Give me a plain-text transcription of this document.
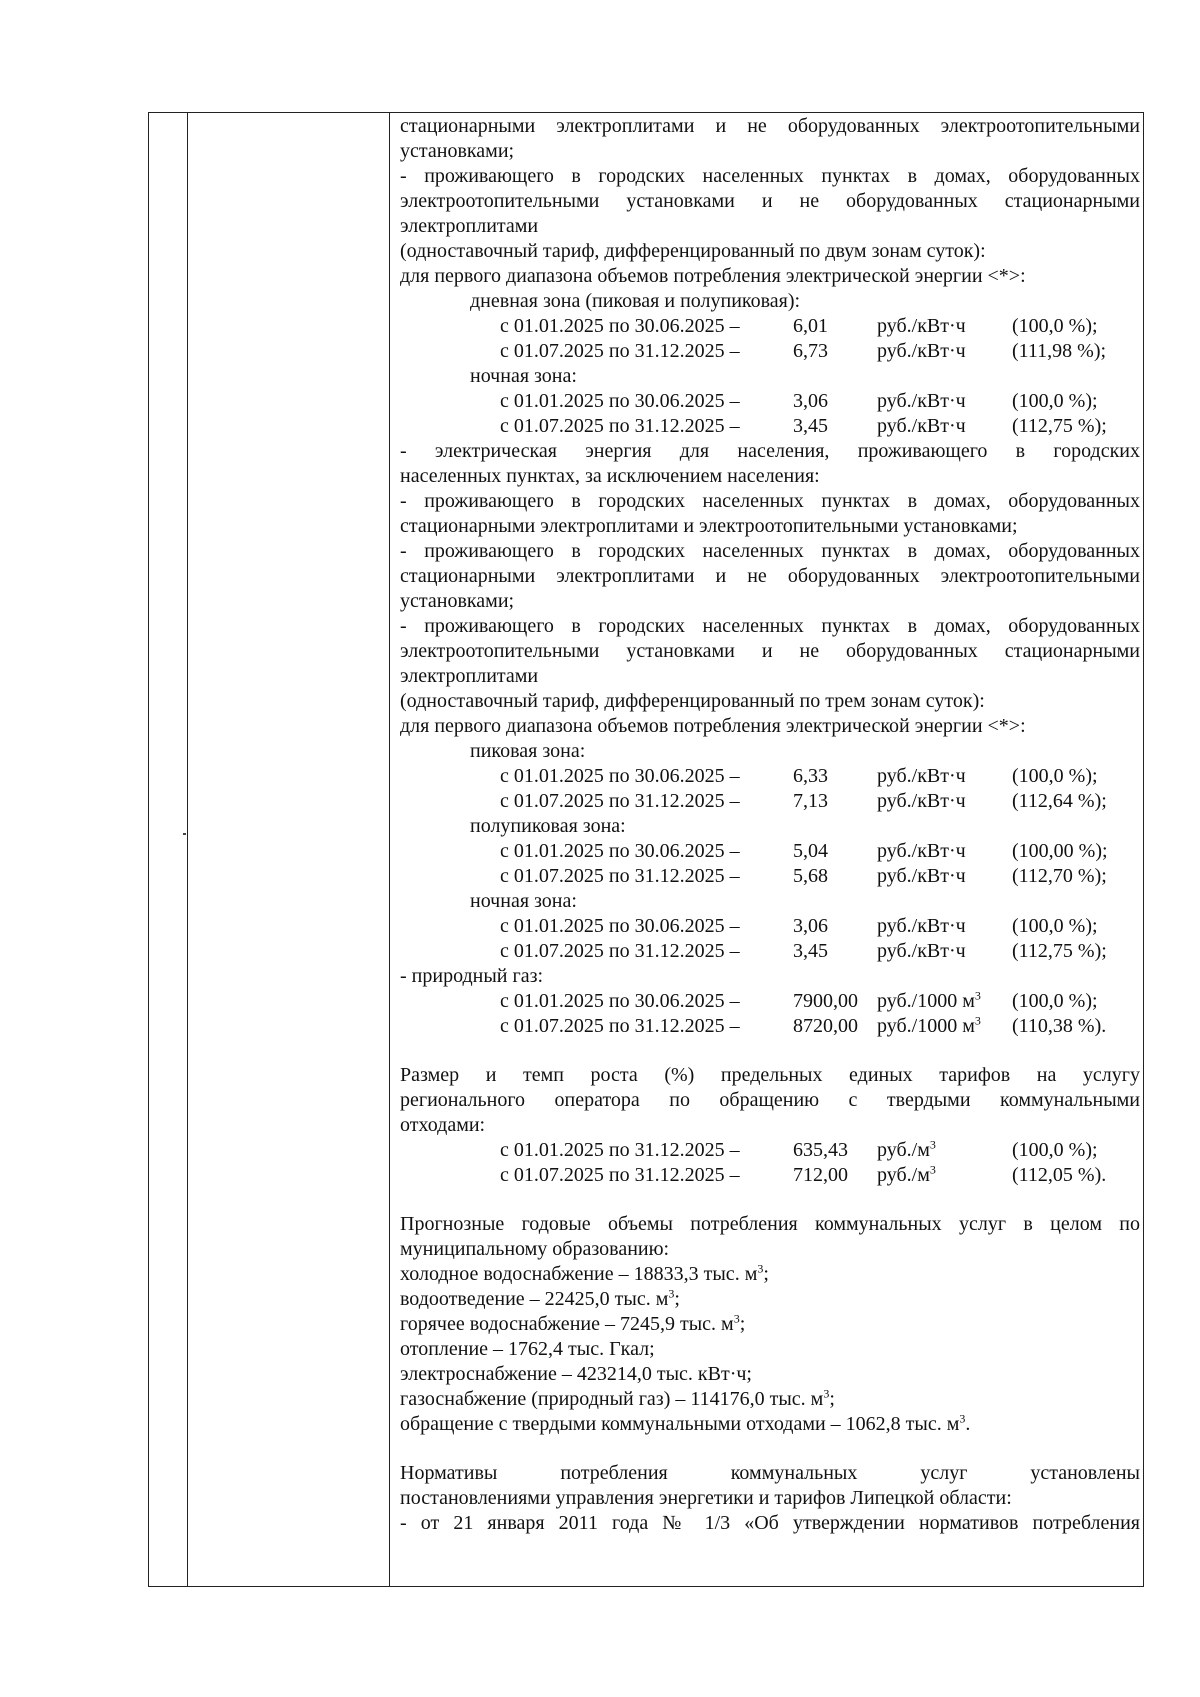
стационарными электроплитами и не оборудованных электроотопительными
установками;
- проживающего в городских населенных пунктах в домах, оборудованных
электроотопительными установками и не оборудованных стационарными
электроплитами
(одноставочный тариф, дифференцированный по двум зонам суток):
для первого диапазона объемов потребления электрической энергии <*>:
дневная зона (пиковая и полупиковая):
с 01.01.2025 по 30.06.2025 –	6,01 руб./кВт·ч (100,0 %);
с 01.07.2025 по 31.12.2025 –	6,73 руб./кВт·ч (111,98 %);
ночная зона:
с 01.01.2025 по 30.06.2025 –	3,06 руб./кВт·ч (100,0 %);
с 01.07.2025 по 31.12.2025 –	3,45 руб./кВт·ч (112,75 %);
- электрическая энергия для населения, проживающего в городских
населенных пунктах, за исключением населения:
- проживающего в городских населенных пунктах в домах, оборудованных
стационарными электроплитами и электроотопительными установками;
- проживающего в городских населенных пунктах в домах, оборудованных
стационарными электроплитами и не оборудованных электроотопительными
установками;
- проживающего в городских населенных пунктах в домах, оборудованных
электроотопительными установками и не оборудованных стационарными
электроплитами
(одноставочный тариф, дифференцированный по трем зонам суток):
для первого диапазона объемов потребления электрической энергии <*>:
пиковая зона:
с 01.01.2025 по 30.06.2025 –	6,33 руб./кВт·ч (100,0 %);
с 01.07.2025 по 31.12.2025 –	7,13 руб./кВт·ч (112,64 %);
полупиковая зона:
с 01.01.2025 по 30.06.2025 –	5,04 руб./кВт·ч (100,00 %);
с 01.07.2025 по 31.12.2025 –	5,68 руб./кВт·ч (112,70 %);
ночная зона:
с 01.01.2025 по 30.06.2025 –	3,06 руб./кВт·ч (100,0 %);
с 01.07.2025 по 31.12.2025 –	3,45 руб./кВт·ч (112,75 %);
- природный газ:
с 01.01.2025 по 30.06.2025 –	7900,00 руб./1000 $м^3$ (100,0 %);
с 01.07.2025 по 31.12.2025 –	8720,00 руб./1000 $м^3$ (110,38 %).
Размер и темп роста (%) предельных единых тарифов на услугу
регионального оператора по обращению с твердыми коммунальными
отходами:
с 01.01.2025 по 31.12.2025 –	635,43 $руб./м^3$	(100,0 %);
с 01.07.2025 по 31.12.2025 –	712,00 $руб./м^3$	(112,05 %).
Прогнозные годовые объемы потребления коммунальных услуг в целом по
муниципальному образованию:
холодное водоснабжение – 18833,3 тыс. $м^3$;
водоотведение – 22425,0 тыс. $м^3$;
горячее водоснабжение – 7245,9 тыс. $м^3$;
отопление – 1762,4 тыс. Гкал;
электроснабжение – 423214,0 тыс. кВт·ч;
газоснабжение (природный газ) – 114176,0 тыс. $м^3$;
обращение с твердыми коммунальными отходами – 1062,8 тыс. $м^3$.
Нормативы потребления коммунальных услуг установлены
постановлениями управления энергетики и тарифов Липецкой области:
- от 21 января 2011 года № 1/3 «Об утверждении нормативов потребления
